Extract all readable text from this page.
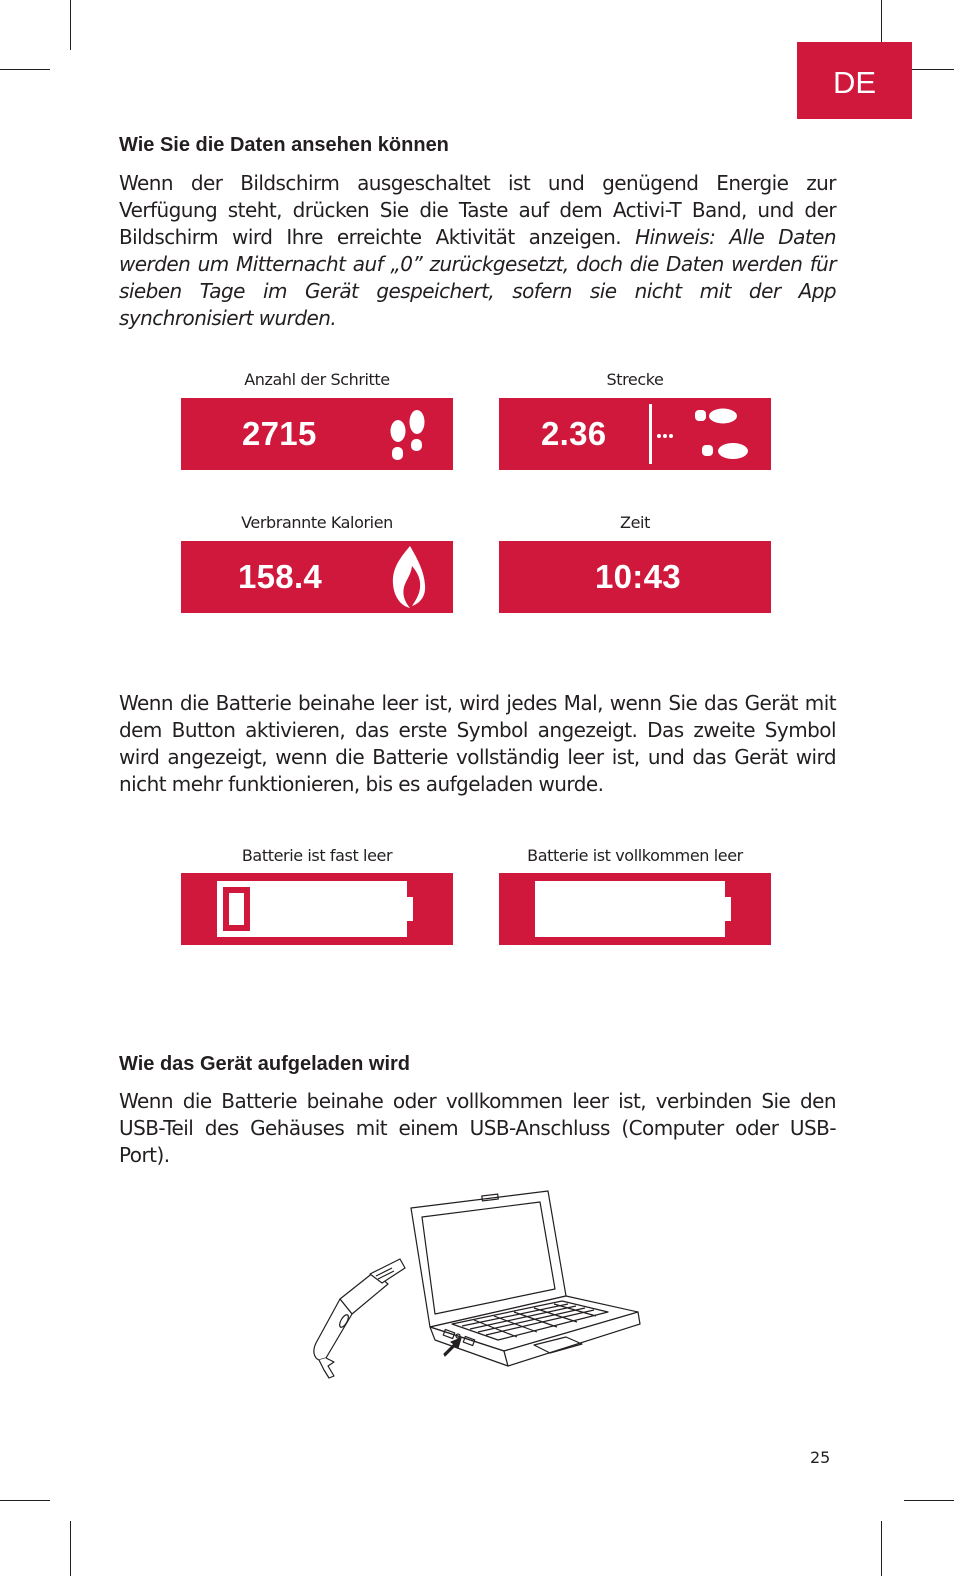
DE
Wie Sie die Daten ansehen können

Wenn der Bildschirm ausgeschaltet ist und genügend Energie zur Verfügung steht, drücken Sie die Taste auf dem Activi-T Band, und der Bildschirm wird Ihre erreichte Aktivität anzeigen. Hinweis: Alle Daten werden um Mitternacht auf „0” zurückgesetzt, doch die Daten werden für sieben Tage im Gerät gespeichert, sofern sie nicht mit der App synchronisiert wurden.

Anzahl der Schritte
2715
Strecke
2.36
Verbrannte Kalorien
158.4
Zeit
10:43

Wenn die Batterie beinahe leer ist, wird jedes Mal, wenn Sie das Gerät mit dem Button aktivieren, das erste Symbol angezeigt. Das zweite Symbol wird angezeigt, wenn die Batterie vollständig leer ist, und das Gerät wird nicht mehr funktionieren, bis es aufgeladen wurde.

Batterie ist fast leer	Batterie ist vollkommen leer
Wie das Gerät aufgeladen wird

Wenn die Batterie beinahe oder vollkommen leer ist, verbinden Sie den USB-Teil des Gehäuses mit einem USB-Anschluss (Computer oder USB-Port).

25
